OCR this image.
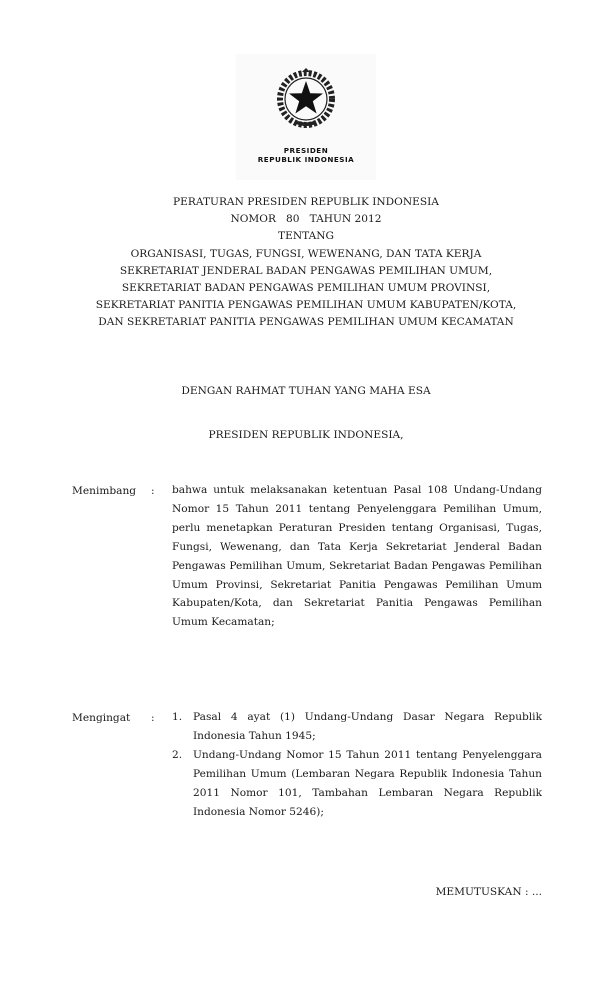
PRESIDEN
REPUBLIK INDONESIA
PERATURAN PRESIDEN REPUBLIK INDONESIA
NOMOR   80   TAHUN 2012
TENTANG
ORGANISASI, TUGAS, FUNGSI, WEWENANG, DAN TATA KERJA
SEKRETARIAT JENDERAL BADAN PENGAWAS PEMILIHAN UMUM,
SEKRETARIAT BADAN PENGAWAS PEMILIHAN UMUM PROVINSI,
SEKRETARIAT PANITIA PENGAWAS PEMILIHAN UMUM KABUPATEN/KOTA,
DAN SEKRETARIAT PANITIA PENGAWAS PEMILIHAN UMUM KECAMATAN
DENGAN RAHMAT TUHAN YANG MAHA ESA
PRESIDEN REPUBLIK INDONESIA,
Menimbang : bahwa untuk melaksanakan ketentuan Pasal 108 Undang-Undang Nomor 15 Tahun 2011 tentang Penyelenggara Pemilihan Umum, perlu menetapkan Peraturan Presiden tentang Organisasi, Tugas, Fungsi, Wewenang, dan Tata Kerja Sekretariat Jenderal Badan Pengawas Pemilihan Umum, Sekretariat Badan Pengawas Pemilihan Umum Provinsi, Sekretariat Panitia Pengawas Pemilihan Umum Kabupaten/Kota, dan Sekretariat Panitia Pengawas Pemilihan Umum Kecamatan;
Mengingat : 1. Pasal 4 ayat (1) Undang-Undang Dasar Negara Republik Indonesia Tahun 1945;
2. Undang-Undang Nomor 15 Tahun 2011 tentang Penyelenggara Pemilihan Umum (Lembaran Negara Republik Indonesia Tahun 2011 Nomor 101, Tambahan Lembaran Negara Republik Indonesia Nomor 5246);
MEMUTUSKAN : ...
